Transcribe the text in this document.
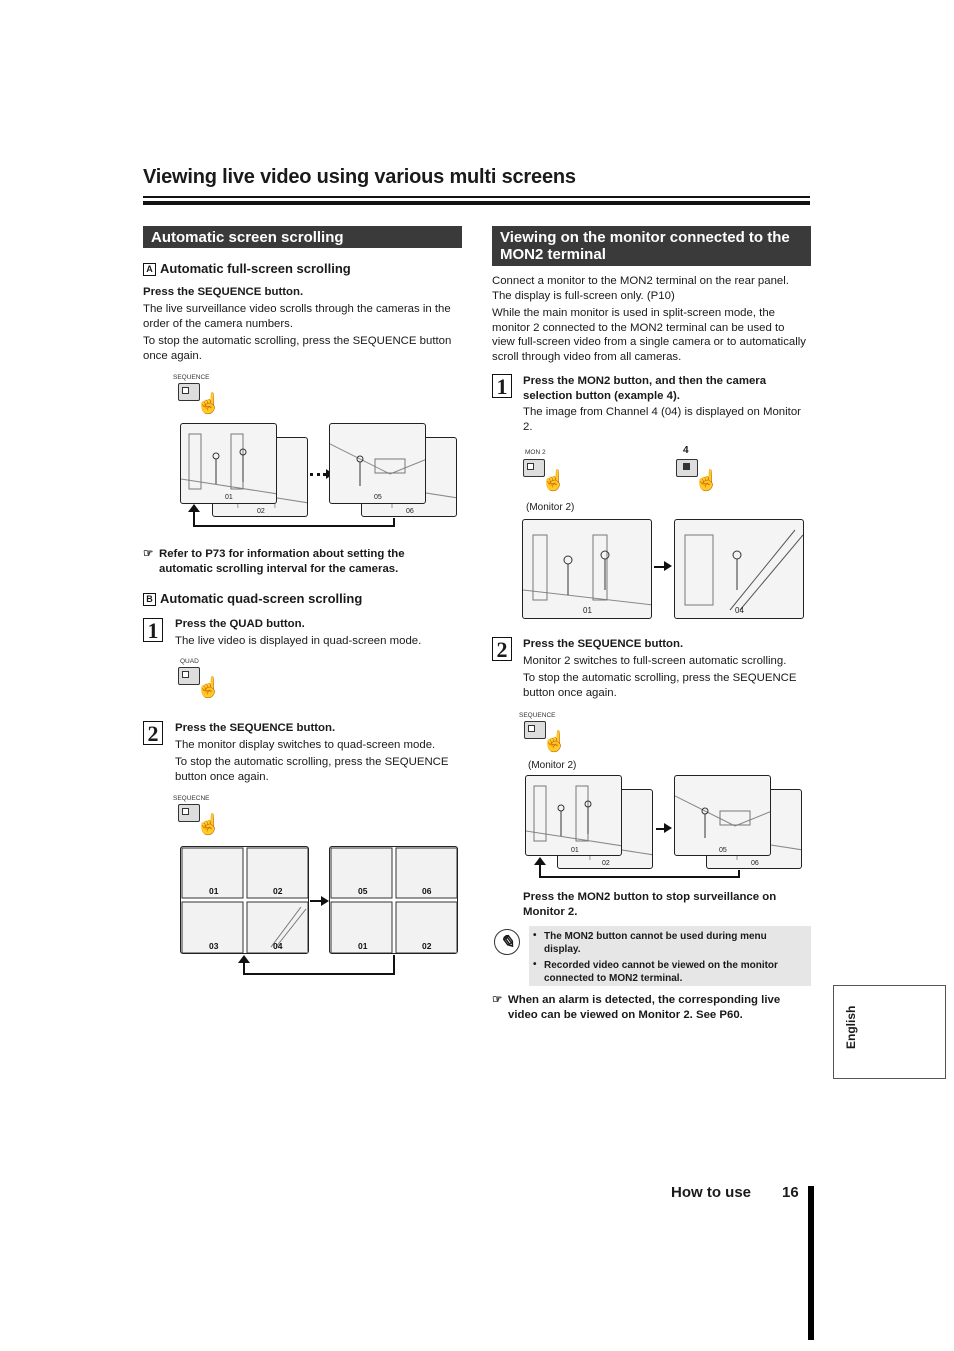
Viewing live video using various multi screens
Automatic screen scrolling
A Automatic full-screen scrolling
Press the SEQUENCE button.
The live surveillance video scrolls through the cameras in the order of the camera numbers.
To stop the automatic scrolling, press the SEQUENCE button once again.
SEQUENCE
☝
02
01
06
05
☞ Refer to P73 for information about setting the automatic scrolling interval for the cameras.
B Automatic quad-screen scrolling
1	Press the QUAD button.
The live video is displayed in quad-screen mode.
QUAD
☝
2	Press the SEQUENCE button.
The monitor display switches to quad-screen mode.
To stop the automatic scrolling, press the SEQUENCE button once again.
SEQUECNE
☝
01	02
03	04
05	06
01	02
Viewing on the monitor connected to the MON2 terminal
Connect a monitor to the MON2 terminal on the rear panel. The display is full-screen only. (P10)
While the main monitor is used in split-screen mode, the monitor 2 connected to the MON2 terminal can be used to view full-screen video from a single camera or to automatically scroll through video from all cameras.
1	Press the MON2 button, and then the camera selection button (example 4).
The image from Channel 4 (04) is displayed on Monitor 2.
MON 2
☝
4
☝
(Monitor 2)
01	04
2	Press the SEQUENCE button.
Monitor 2 switches to full-screen automatic scrolling.
To stop the automatic scrolling, press the SEQUENCE button once again.
SEQUENCE
☝
(Monitor 2)
02
01
06
05
Press the MON2 button to stop surveillance on Monitor 2.
✎	• The MON2 button cannot be used during menu display.
• Recorded video cannot be viewed on the monitor connected to MON2 terminal.
☞ When an alarm is detected, the corresponding live video can be viewed on Monitor 2. See P60.	English
How to use 16
